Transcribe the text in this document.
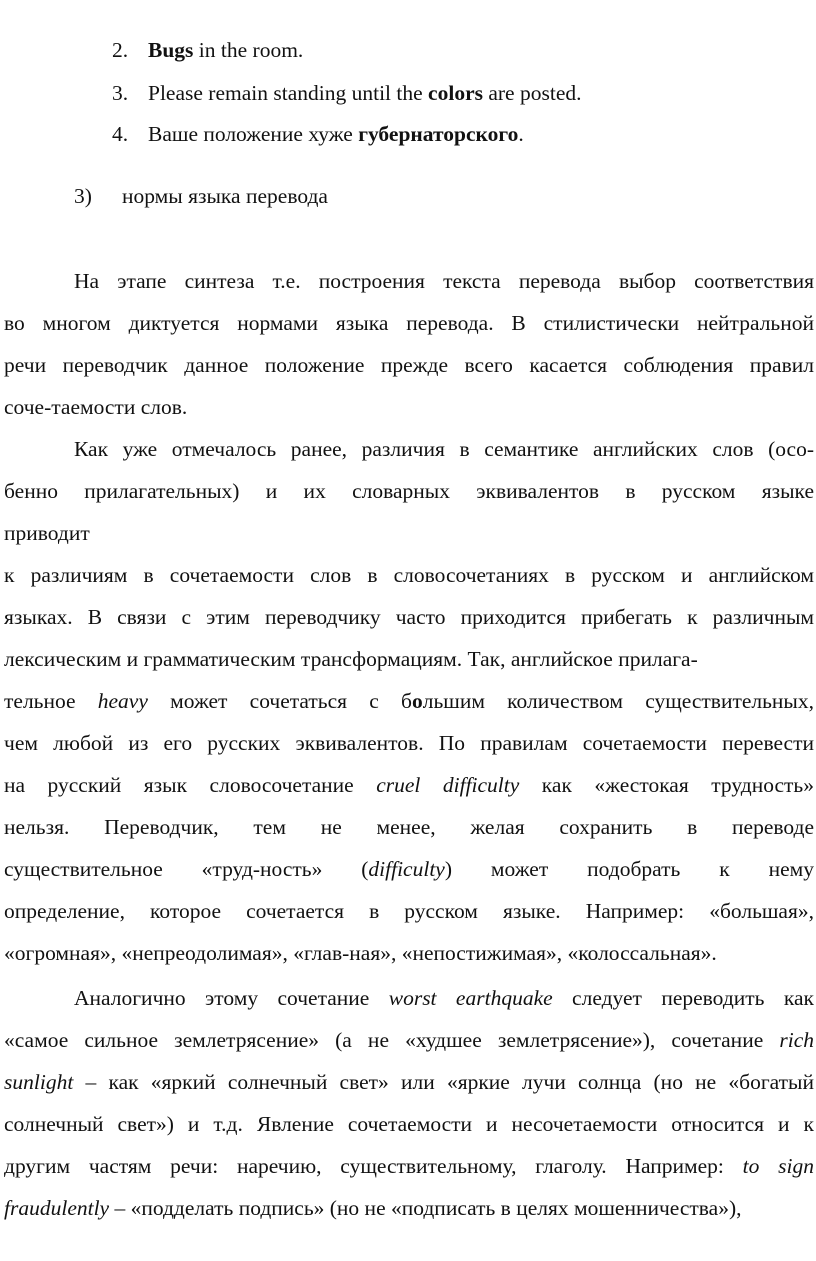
2. Bugs in the room.
3. Please remain standing until the colors are posted.
4. Ваше положение хуже губернаторского.
3) нормы языка перевода
На этапе синтеза т.е. построения текста перевода выбор соответствия
во многом диктуется нормами языка перевода. В стилистически нейтральной
речи переводчик данное положение прежде всего касается соблюдения правил
соче-таемости слов.
Как уже отмечалось ранее, различия в семантике английских слов (осо-
бенно прилагательных) и их словарных эквивалентов в русском языке
приводит
к различиям в сочетаемости слов в словосочетаниях в русском и английском
языках. В связи с этим переводчику часто приходится прибегать к различным
лексическим и грамматическим трансформациям. Так, английское прилага-
тельное heavy может сочетаться с большим количеством существительных,
чем любой из его русских эквивалентов. По правилам сочетаемости перевести
на русский язык словосочетание cruel difficulty как «жестокая трудность»
нельзя. Переводчик, тем не менее, желая сохранить в переводе
существительное «труд-ность» (difficulty) может подобрать к нему
определение, которое сочетается в русском языке. Например: «большая»,
«огромная», «непреодолимая», «глав-ная», «непостижимая», «колоссальная».
Аналогично этому сочетание worst earthquake следует переводить как
«самое сильное землетрясение» (а не «худшее землетрясение»), сочетание rich
sunlight – как «яркий солнечный свет» или «яркие лучи солнца (но не «богатый
солнечный свет») и т.д. Явление сочетаемости и несочетаемости относится и к
другим частям речи: наречию, существительному, глаголу. Например: to sign
fraudulently – «подделать подпись» (но не «подписать в целях мошенничества»),
